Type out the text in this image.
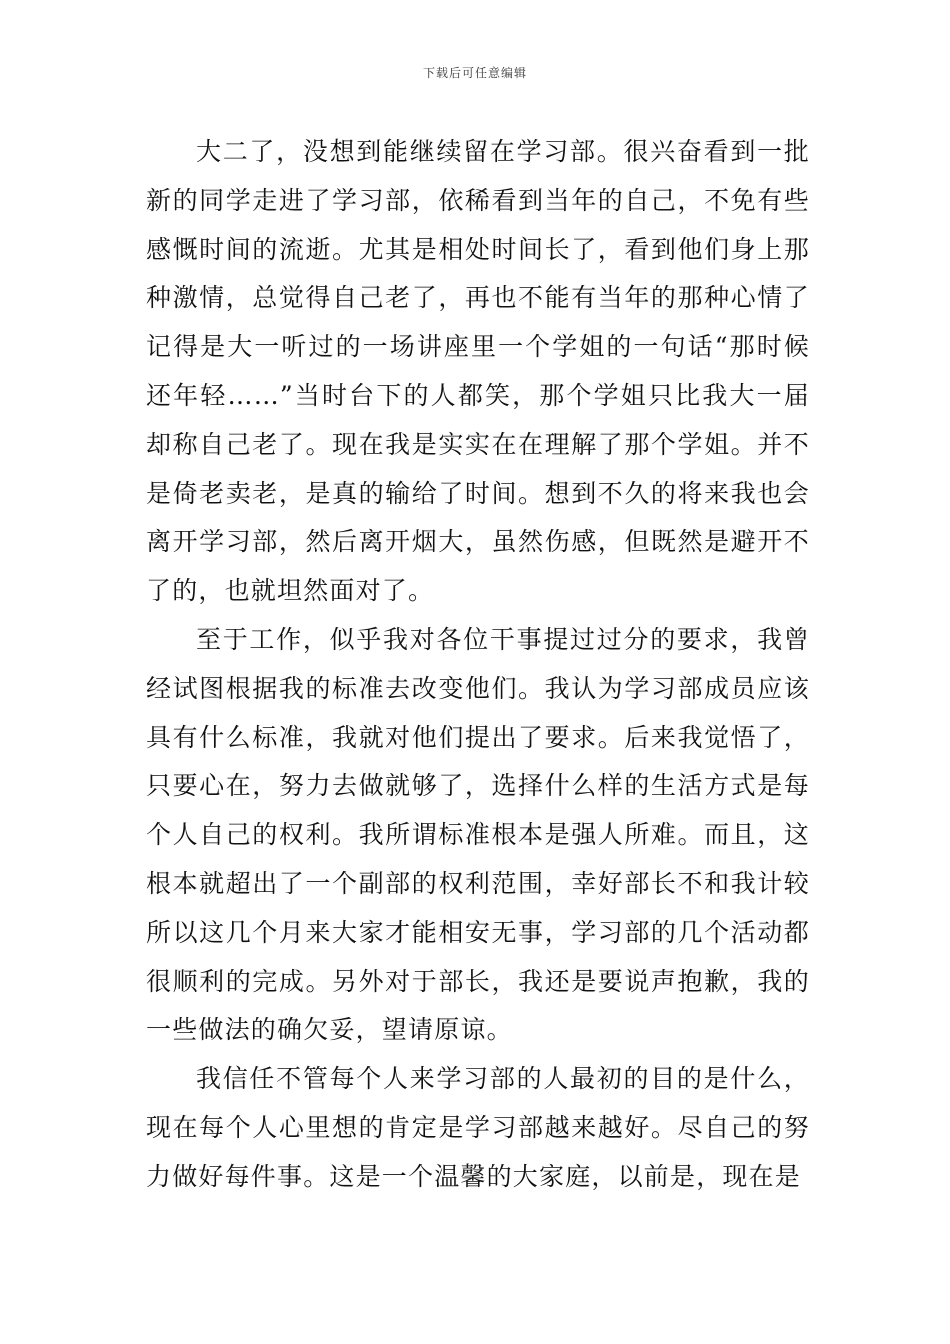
下载后可任意编辑

大二了，没想到能继续留在学习部。很兴奋看到一批新的同学走进了学习部，依稀看到当年的自己，不免有些感慨时间的流逝。尤其是相处时间长了，看到他们身上那种激情，总觉得自己老了，再也不能有当年的那种心情了记得是大一听过的一场讲座里一个学姐的一句话“那时候还年轻……”当时台下的人都笑，那个学姐只比我大一届却称自己老了。现在我是实实在在理解了那个学姐。并不是倚老卖老，是真的输给了时间。想到不久的将来我也会离开学习部，然后离开烟大，虽然伤感，但既然是避开不了的，也就坦然面对了。

至于工作，似乎我对各位干事提过过分的要求，我曾经试图根据我的标准去改变他们。我认为学习部成员应该具有什么标准，我就对他们提出了要求。后来我觉悟了，只要心在，努力去做就够了，选择什么样的生活方式是每个人自己的权利。我所谓标准根本是强人所难。而且，这根本就超出了一个副部的权利范围，幸好部长不和我计较所以这几个月来大家才能相安无事，学习部的几个活动都很顺利的完成。另外对于部长，我还是要说声抱歉，我的一些做法的确欠妥，望请原谅。

我信任不管每个人来学习部的人最初的目的是什么，现在每个人心里想的肯定是学习部越来越好。尽自己的努力做好每件事。这是一个温馨的大家庭，以前是，现在是
